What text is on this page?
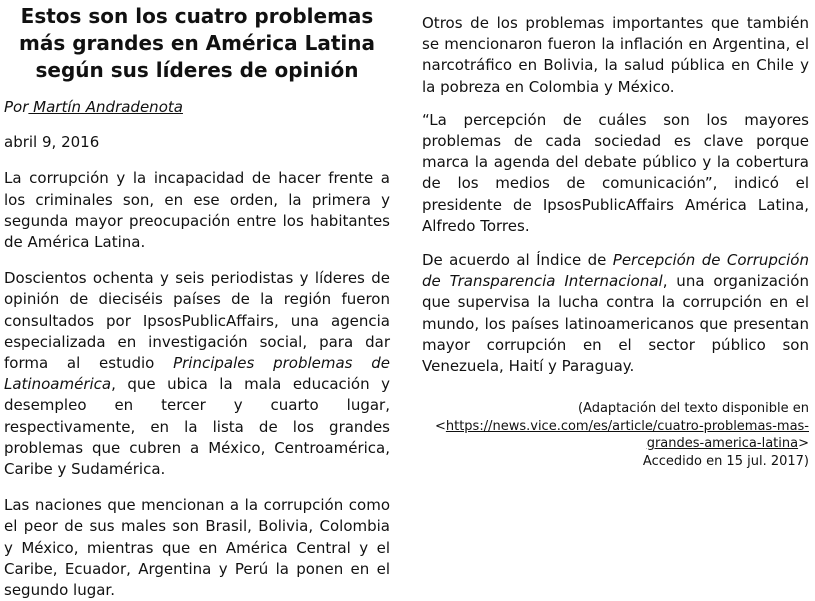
Estos son los cuatro problemas más grandes en América Latina según sus líderes de opinión

Por Martín Andradenota

abril 9, 2016

La corrupción y la incapacidad de hacer frente a los criminales son, en ese orden, la primera y segunda mayor preocupación entre los habitantes de América Latina.

Doscientos ochenta y seis periodistas y líderes de opinión de dieciséis países de la región fueron consultados por IpsosPublicAffairs, una agencia especializada en investigación social, para dar forma al estudio Principales problemas de Latinoamérica, que ubica la mala educación y desempleo en tercer y cuarto lugar, respectivamente, en la lista de los grandes problemas que cubren a México, Centroamérica, Caribe y Sudamérica.

Las naciones que mencionan a la corrupción como el peor de sus males son Brasil, Bolivia, Colombia y México, mientras que en América Central y el Caribe, Ecuador, Argentina y Perú la ponen en el segundo lugar.

Otros de los problemas importantes que también se mencionaron fueron la inflación en Argentina, el narcotráfico en Bolivia, la salud pública en Chile y la pobreza en Colombia y México.

“La percepción de cuáles son los mayores problemas de cada sociedad es clave porque marca la agenda del debate público y la cobertura de los medios de comunicación”, indicó el presidente de IpsosPublicAffairs América Latina, Alfredo Torres.

De acuerdo al Índice de Percepción de Corrupción de Transparencia Internacional, una organización que supervisa la lucha contra la corrupción en el mundo, los países latinoamericanos que presentan mayor corrupción en el sector público son Venezuela, Haití y Paraguay.

(Adaptación del texto disponible en <https://news.vice.com/es/article/cuatro-problemas-mas-grandes-america-latina>
Accedido en 15 jul. 2017)
